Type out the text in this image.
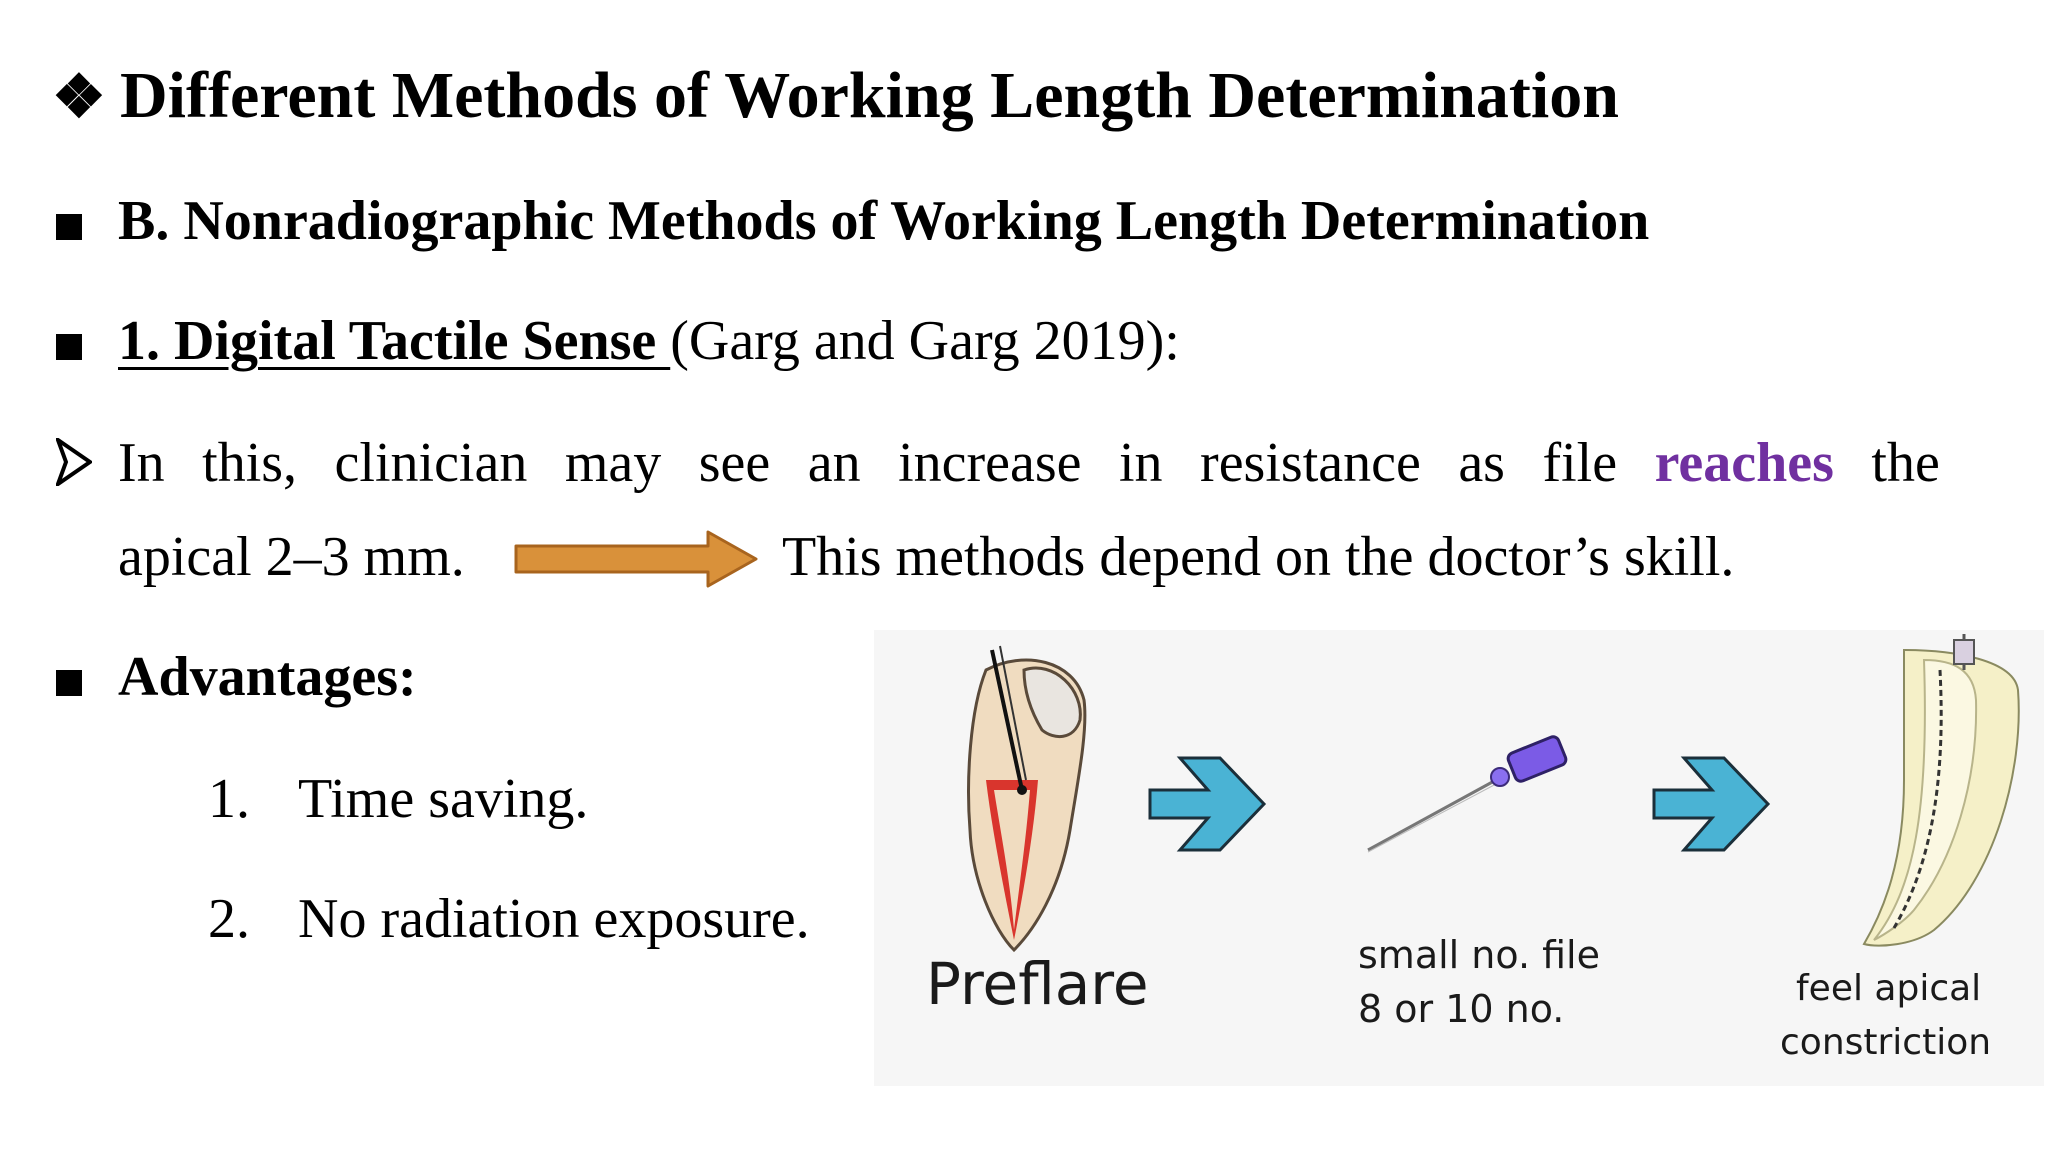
❖ Different Methods of Working Length Determination
B. Nonradiographic Methods of Working Length Determination
1. Digital Tactile Sense (Garg and Garg 2019):
In this, clinician may see an increase in resistance as file reaches the
apical 2–3 mm.	This methods depend on the doctor’s skill.
Advantages:
1. Time saving.
2. No radiation exposure.
Preflare	small no. file
8 or 10 no.	feel apical
constriction
